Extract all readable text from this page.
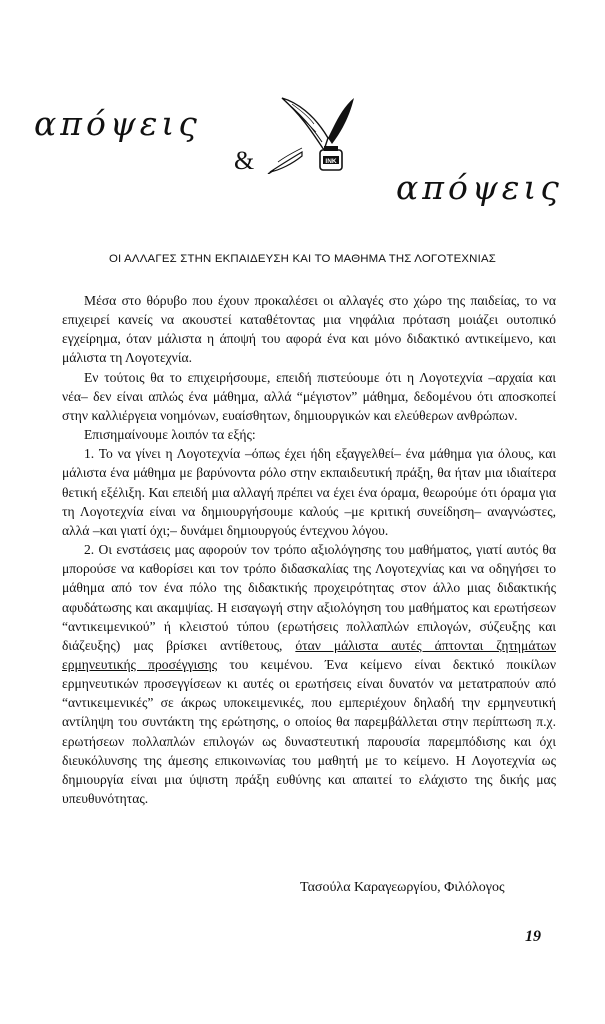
απόψεις
INK
&
απόψεις
ΟΙ ΑΛΛΑΓΕΣ ΣΤΗΝ ΕΚΠΑΙΔΕΥΣΗ ΚΑΙ ΤΟ ΜΑΘΗΜΑ ΤΗΣ ΛΟΓΟΤΕΧΝΙΑΣ

Μέσα στο θόρυβο που έχουν προκαλέσει οι αλλαγές στο χώρο της παιδείας, το να επιχειρεί κανείς να ακουστεί καταθέτοντας μια νηφάλια πρόταση μοιάζει ουτοπικό εγχείρημα, όταν μάλιστα η άποψή του αφορά ένα και μόνο διδακτικό αντικείμενο, και μάλιστα τη Λογοτεχνία.

Εν τούτοις θα το επιχειρήσουμε, επειδή πιστεύουμε ότι η Λογοτεχνία –αρχαία και νέα– δεν είναι απλώς ένα μάθημα, αλλά “μέγιστον” μάθημα, δεδομένου ότι αποσκοπεί στην καλλιέργεια νοημόνων, ευαίσθητων, δημιουργικών και ελεύθερων ανθρώπων.

Επισημαίνουμε λοιπόν τα εξής:

1. Το να γίνει η Λογοτεχνία –όπως έχει ήδη εξαγγελθεί– ένα μάθημα για όλους, και μάλιστα ένα μάθημα με βαρύνοντα ρόλο στην εκπαιδευτική πράξη, θα ήταν μια ιδιαίτερα θετική εξέλιξη. Και επειδή μια αλλαγή πρέπει να έχει ένα όραμα, θεωρούμε ότι όραμα για τη Λογοτεχνία είναι να δημιουργήσουμε καλούς –με κριτική συνείδηση– αναγνώστες, αλλά –και γιατί όχι;– δυνάμει δημιουργούς έντεχνου λόγου.

2. Οι ενστάσεις μας αφορούν τον τρόπο αξιολόγησης του μαθήματος, γιατί αυτός θα μπορούσε να καθορίσει και τον τρόπο διδασκαλίας της Λογοτεχνίας και να οδηγήσει το μάθημα από τον ένα πόλο της διδακτικής προχειρότητας στον άλλο μιας διδακτικής αφυδάτωσης και ακαμψίας. Η εισαγωγή στην αξιολόγηση του μαθήματος και ερωτήσεων “αντικειμενικού” ή κλειστού τύπου (ερωτήσεις πολλαπλών επιλογών, σύζευξης και διάζευξης) μας βρίσκει αντίθετους, όταν μάλιστα αυτές άπτονται ζητημάτων ερμηνευτικής προσέγγισης του κειμένου. Ένα κείμενο είναι δεκτικό ποικίλων ερμηνευτικών προσεγγίσεων κι αυτές οι ερωτήσεις είναι δυνατόν να μετατραπούν από “αντικειμενικές” σε άκρως υποκειμενικές, που εμπεριέχουν δηλαδή την ερμηνευτική αντίληψη του συντάκτη της ερώτησης, ο οποίος θα παρεμβάλλεται στην περίπτωση π.χ. ερωτήσεων πολλαπλών επιλογών ως δυναστευτική παρουσία παρεμπόδισης και όχι διευκόλυνσης της άμεσης επικοινωνίας του μαθητή με το κείμενο. Η Λογοτεχνία ως δημιουργία είναι μια ύψιστη πράξη ευθύνης και απαιτεί το ελάχιστο της δικής μας υπευθυνότητας.

Τασούλα Καραγεωργίου, Φιλόλογος
19
